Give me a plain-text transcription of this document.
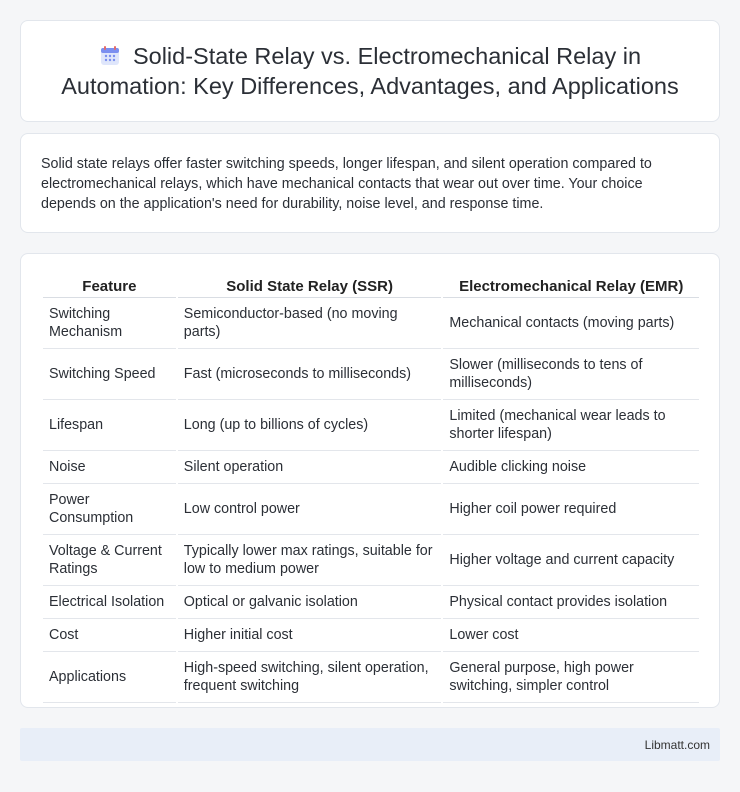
Solid-State Relay vs. Electromechanical Relay in Automation: Key Differences, Advantages, and Applications

Solid state relays offer faster switching speeds, longer lifespan, and silent operation compared to electromechanical relays, which have mechanical contacts that wear out over time. Your choice depends on the application's need for durability, noise level, and response time.

Feature		Solid State Relay (SSR)		Electromechanical Relay (EMR)
Switching Mechanism		Semiconductor-based (no moving parts)		Mechanical contacts (moving parts)
Switching Speed		Fast (microseconds to milliseconds)		Slower (milliseconds to tens of milliseconds)
Lifespan		Long (up to billions of cycles)		Limited (mechanical wear leads to shorter lifespan)
Noise		Silent operation		Audible clicking noise
Power Consumption		Low control power		Higher coil power required
Voltage & Current Ratings		Typically lower max ratings, suitable for low to medium power		Higher voltage and current capacity
Electrical Isolation		Optical or galvanic isolation		Physical contact provides isolation
Cost		Higher initial cost		Lower cost
Applications		High-speed switching, silent operation, frequent switching		General purpose, high power switching, simpler control
Libmatt.com
